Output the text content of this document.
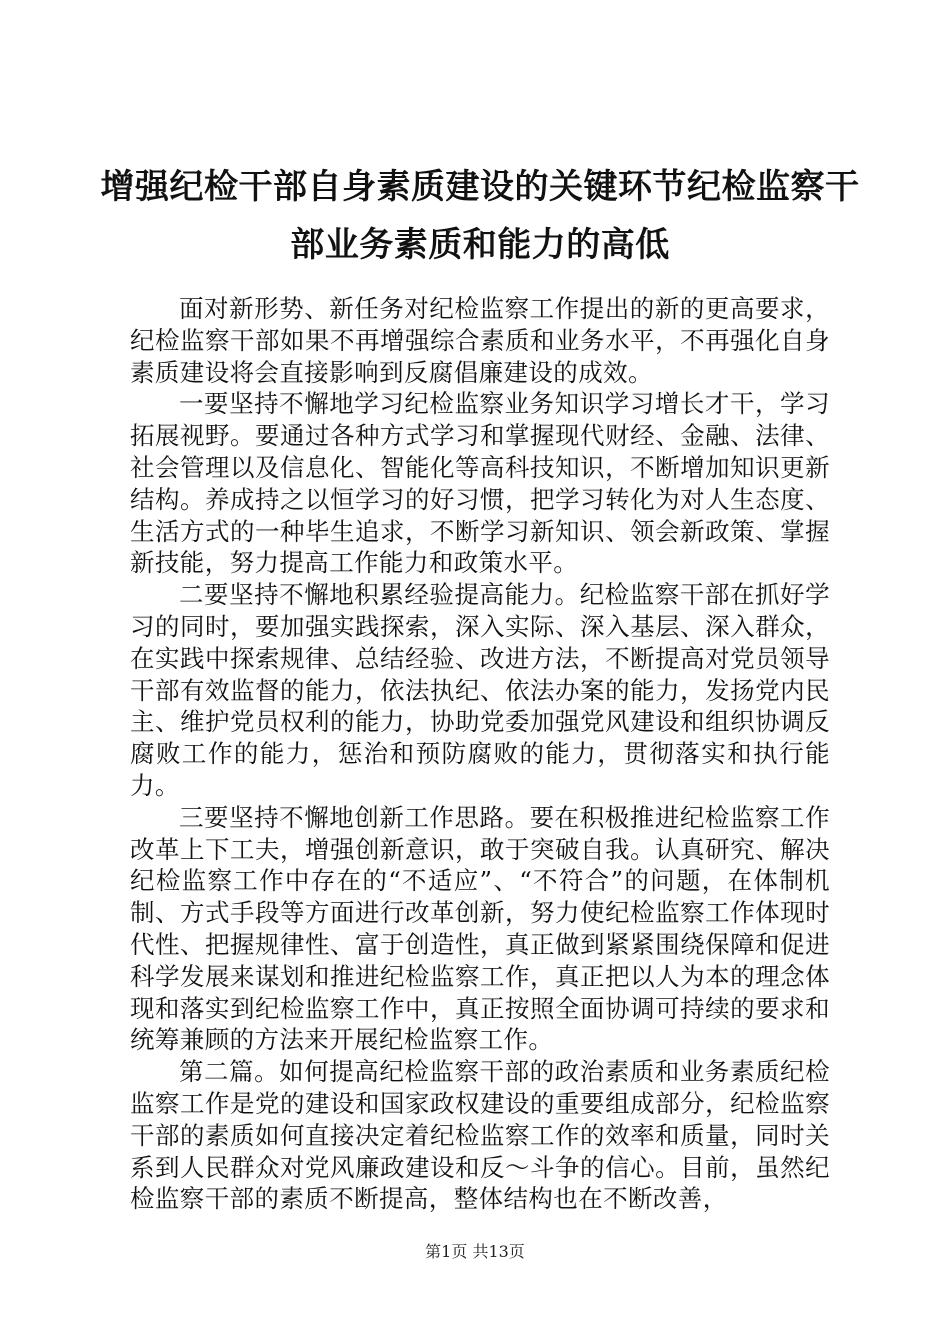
增强纪检干部自身素质建设的关键环节纪检监察干部业务素质和能力的高低

面对新形势、新任务对纪检监察工作提出的新的更高要求，纪检监察干部如果不再增强综合素质和业务水平，不再强化自身素质建设将会直接影响到反腐倡廉建设的成效。

一要坚持不懈地学习纪检监察业务知识学习增长才干，学习拓展视野。要通过各种方式学习和掌握现代财经、金融、法律、社会管理以及信息化、智能化等高科技知识，不断增加知识更新结构。养成持之以恒学习的好习惯，把学习转化为对人生态度、生活方式的一种毕生追求，不断学习新知识、领会新政策、掌握新技能，努力提高工作能力和政策水平。

二要坚持不懈地积累经验提高能力。纪检监察干部在抓好学习的同时，要加强实践探索，深入实际、深入基层、深入群众，在实践中探索规律、总结经验、改进方法，不断提高对党员领导干部有效监督的能力，依法执纪、依法办案的能力，发扬党内民主、维护党员权利的能力，协助党委加强党风建设和组织协调反腐败工作的能力，惩治和预防腐败的能力，贯彻落实和执行能力。

三要坚持不懈地创新工作思路。要在积极推进纪检监察工作改革上下工夫，增强创新意识，敢于突破自我。认真研究、解决纪检监察工作中存在的“不适应”、“不符合”的问题，在体制机制、方式手段等方面进行改革创新，努力使纪检监察工作体现时代性、把握规律性、富于创造性，真正做到紧紧围绕保障和促进科学发展来谋划和推进纪检监察工作，真正把以人为本的理念体现和落实到纪检监察工作中，真正按照全面协调可持续的要求和统筹兼顾的方法来开展纪检监察工作。

第二篇。如何提高纪检监察干部的政治素质和业务素质纪检监察工作是党的建设和国家政权建设的重要组成部分，纪检监察干部的素质如何直接决定着纪检监察工作的效率和质量，同时关系到人民群众对党风廉政建设和反～斗争的信心。目前，虽然纪检监察干部的素质不断提高，整体结构也在不断改善，

第1页 共13页
